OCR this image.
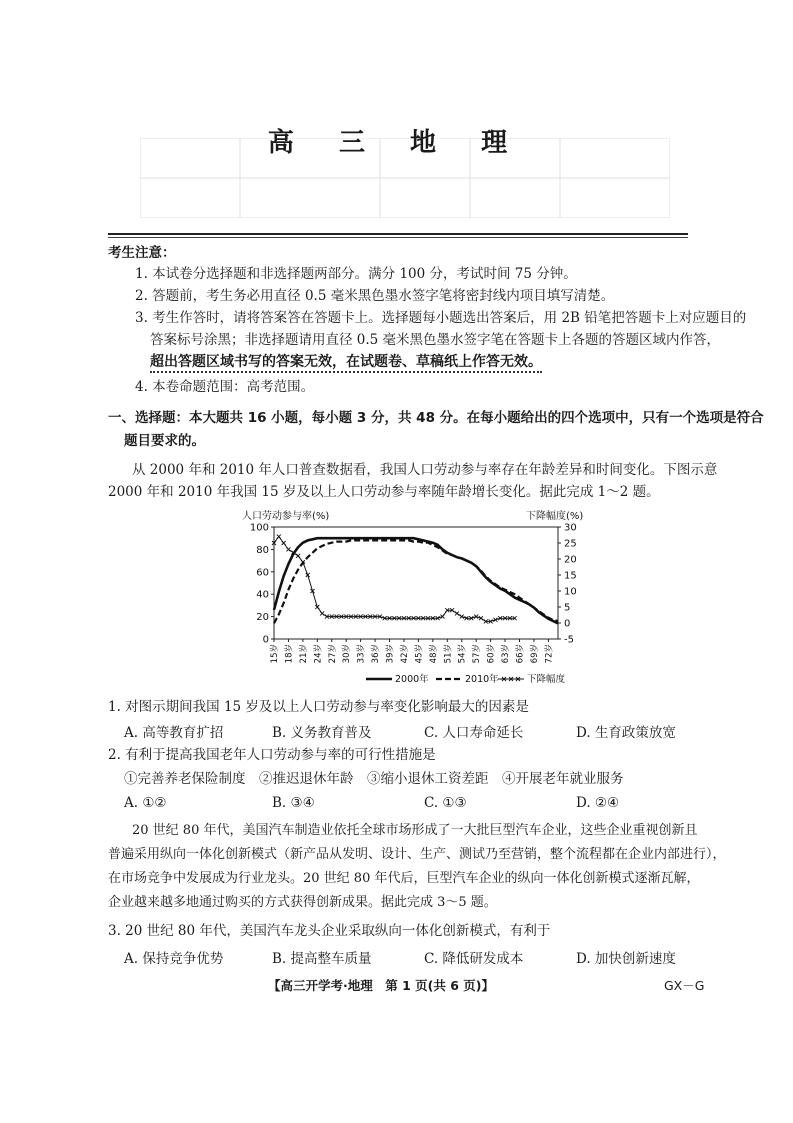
高 三 地 理
考生注意：
1. 本试卷分选择题和非选择题两部分。满分 100 分，考试时间 75 分钟。
2. 答题前，考生务必用直径 0.5 毫米黑色墨水签字笔将密封线内项目填写清楚。
3. 考生作答时，请将答案答在答题卡上。选择题每小题选出答案后，用 2B 铅笔把答题卡上对应题目的
答案标号涂黑；非选择题请用直径 0.5 毫米黑色墨水签字笔在答题卡上各题的答题区域内作答，
超出答题区域书写的答案无效，在试题卷、草稿纸上作答无效。
4. 本卷命题范围：高考范围。
一、选择题：本大题共 16 小题，每小题 3 分，共 48 分。在每小题给出的四个选项中，只有一个选项是符合
题目要求的。
从 2000 年和 2010 年人口普查数据看，我国人口劳动参与率存在年龄差异和时间变化。下图示意
2000 年和 2010 年我国 15 岁及以上人口劳动参与率随年龄增长变化。据此完成 1～2 题。
人口劳动参与率(%)	下降幅度(%)
0
20
40
60
80
100
-5
0
5
10
15
20
25
30
15岁 18岁 21岁 24岁 27岁 30岁 33岁 36岁 39岁 42岁 45岁 48岁 51岁 54岁 57岁 60岁 63岁 66岁 69岁 72岁
2000年	2010年	下降幅度
1. 对图示期间我国 15 岁及以上人口劳动参与率变化影响最大的因素是
A. 高等教育扩招	B. 义务教育普及	C. 人口寿命延长	D. 生育政策放宽
2. 有利于提高我国老年人口劳动参与率的可行性措施是
①完善养老保险制度　②推迟退休年龄　③缩小退休工资差距　④开展老年就业服务
A. ①②	B. ③④	C. ①③	D. ②④
20 世纪 80 年代，美国汽车制造业依托全球市场形成了一大批巨型汽车企业，这些企业重视创新且
普遍采用纵向一体化创新模式（新产品从发明、设计、生产、测试乃至营销，整个流程都在企业内部进行），
在市场竞争中发展成为行业龙头。20 世纪 80 年代后，巨型汽车企业的纵向一体化创新模式逐渐瓦解，
企业越来越多地通过购买的方式获得创新成果。据此完成 3～5 题。
3. 20 世纪 80 年代，美国汽车龙头企业采取纵向一体化创新模式，有利于
A. 保持竞争优势	B. 提高整车质量	C. 降低研发成本	D. 加快创新速度
【高三开学考·地理　第 1 页(共 6 页)】	GX－G
